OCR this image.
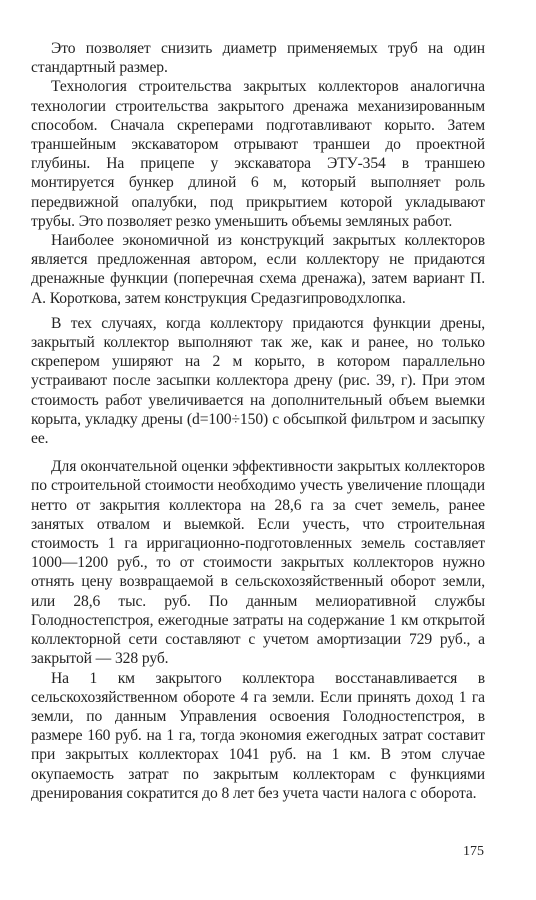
Это позволяет снизить диаметр применяемых труб на один стандартный размер.

Технология строительства закрытых коллекторов аналогична технологии строительства закрытого дренажа механизированным способом. Сначала скреперами подготавливают корыто. Затем траншейным экскаватором отрывают траншеи до проектной глубины. На прицепе у экскаватора ЭТУ-354 в траншею монтируется бункер длиной 6 м, который выполняет роль передвижной опалубки, под прикрытием которой укладывают трубы. Это позволяет резко уменьшить объемы земляных работ.

Наиболее экономичной из конструкций закрытых коллекторов является предложенная автором, если коллектору не придаются дренажные функции (поперечная схема дренажа), затем вариант П. А. Короткова, затем конструкция Средазгипроводхлопка.

В тех случаях, когда коллектору придаются функции дрены, закрытый коллектор выполняют так же, как и ранее, но только скрепером уширяют на 2 м корыто, в котором параллельно устраивают после засыпки коллектора дрену (рис. 39, г). При этом стоимость работ увеличивается на дополнительный объем выемки корыта, укладку дрены (d=100÷150) с обсыпкой фильтром и засыпку ее.

Для окончательной оценки эффективности закрытых коллекторов по строительной стоимости необходимо учесть увеличение площади нетто от закрытия коллектора на 28,6 га за счет земель, ранее занятых отвалом и выемкой. Если учесть, что строительная стоимость 1 га ирригационно-подготовленных земель составляет 1000—1200 руб., то от стоимости закрытых коллекторов нужно отнять цену возвращаемой в сельскохозяйственный оборот земли, или 28,6 тыс. руб. По данным мелиоративной службы Голодностепстроя, ежегодные затраты на содержание 1 км открытой коллекторной сети составляют с учетом амортизации 729 руб., а закрытой — 328 руб.

На 1 км закрытого коллектора восстанавливается в сельскохозяйственном обороте 4 га земли. Если принять доход 1 га земли, по данным Управления освоения Голодностепстроя, в размере 160 руб. на 1 га, тогда экономия ежегодных затрат составит при закрытых коллекторах 1041 руб. на 1 км. В этом случае окупаемость затрат по закрытым коллекторам с функциями дренирования сократится до 8 лет без учета части налога с оборота.

175
